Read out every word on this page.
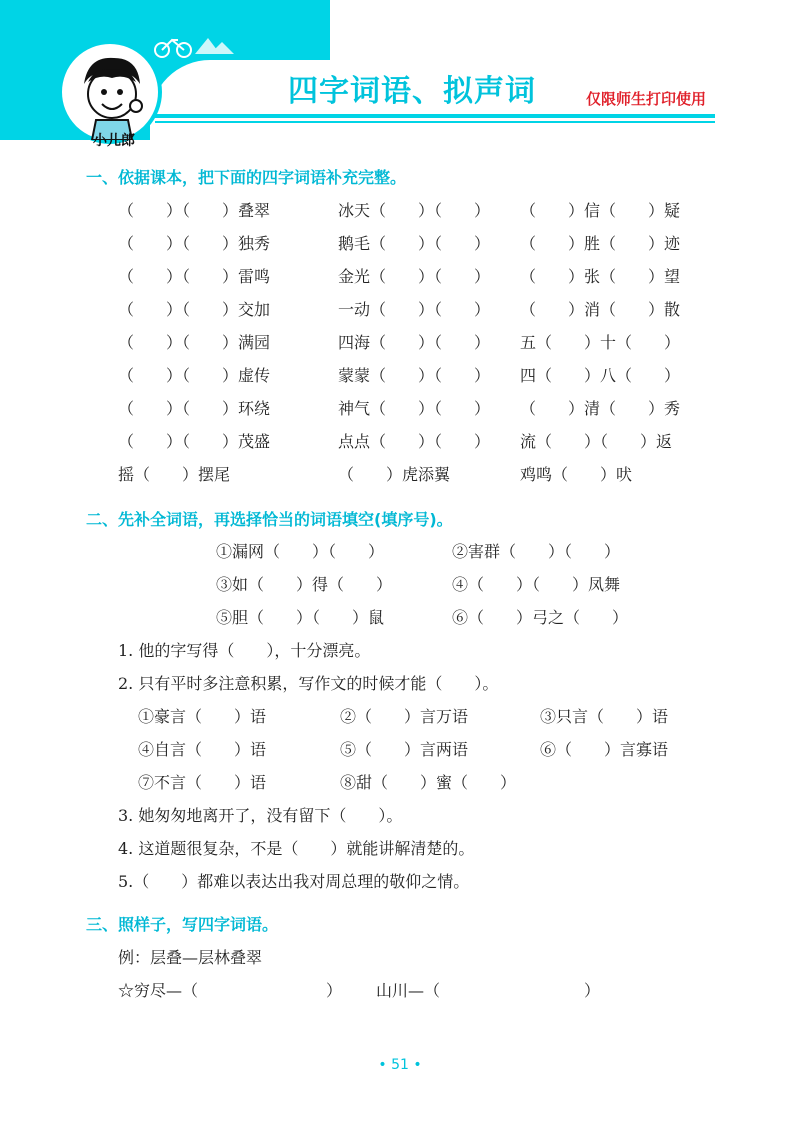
小儿郎
四字词语、拟声词	仅限师生打印使用
一、依据课本，把下面的四字词语补充完整。
（　　）（　　）叠翠	冰天（　　）（　　） （　　）信（　　）疑
（　　）（　　）独秀	鹅毛（　　）（　　） （　　）胜（　　）迹
（　　）（　　）雷鸣	金光（　　）（　　） （　　）张（　　）望
（　　）（　　）交加	一动（　　）（　　） （　　）消（　　）散
（　　）（　　）满园	四海（　　）（　　） 五（　　）十（　　）
（　　）（　　）虚传	蒙蒙（　　）（　　） 四（　　）八（　　）
（　　）（　　）环绕	神气（　　）（　　） （　　）清（　　）秀
（　　）（　　）茂盛	点点（　　）（　　） 流（　　）（　　）返
摇（　　）摆尾	（　　）虎添翼	鸡鸣（　　）吠
二、先补全词语，再选择恰当的词语填空(填序号)。
①漏网（　　）（　　）	②害群（　　）（　　）
③如（　　）得（　　）	④（　　）（　　）凤舞
⑤胆（　　）（　　）鼠	⑥（　　）弓之（　　）
1. 他的字写得（　　），十分漂亮。
2. 只有平时多注意积累，写作文的时候才能（　　）。
①豪言（　　）语	②（　　）言万语	③只言（　　）语
④自言（　　）语	⑤（　　）言两语	⑥（　　）言寡语
⑦不言（　　）语	⑧甜（　　）蜜（　　）
3. 她匆匆地离开了，没有留下（　　）。
4. 这道题很复杂，不是（　　）就能讲解清楚的。
5.（　　）都难以表达出我对周总理的敬仰之情。
三、照样子，写四字词语。
例：层叠—层林叠翠
☆穷尽—（　　　　　　　　） 山川—（　　　　　　　　　）
• 51 •
